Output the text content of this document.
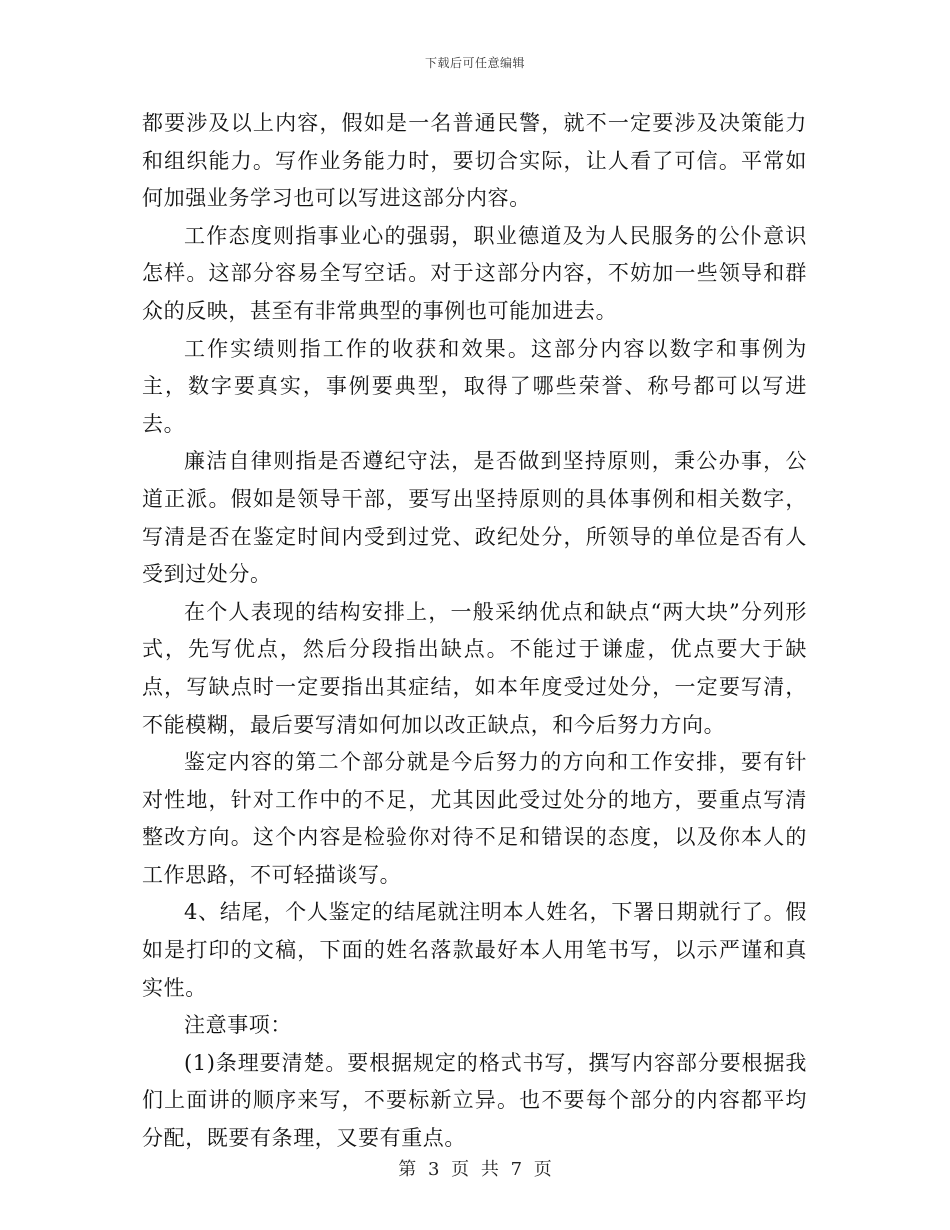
下载后可任意编辑

都要涉及以上内容，假如是一名普通民警，就不一定要涉及决策能力和组织能力。写作业务能力时，要切合实际，让人看了可信。平常如何加强业务学习也可以写进这部分内容。

工作态度则指事业心的强弱，职业德道及为人民服务的公仆意识怎样。这部分容易全写空话。对于这部分内容，不妨加一些领导和群众的反映，甚至有非常典型的事例也可能加进去。

工作实绩则指工作的收获和效果。这部分内容以数字和事例为主，数字要真实，事例要典型，取得了哪些荣誉、称号都可以写进去。

廉洁自律则指是否遵纪守法，是否做到坚持原则，秉公办事，公道正派。假如是领导干部，要写出坚持原则的具体事例和相关数字，写清是否在鉴定时间内受到过党、政纪处分，所领导的单位是否有人受到过处分。

在个人表现的结构安排上，一般采纳优点和缺点“两大块”分列形式，先写优点，然后分段指出缺点。不能过于谦虚，优点要大于缺点，写缺点时一定要指出其症结，如本年度受过处分，一定要写清，不能模糊，最后要写清如何加以改正缺点，和今后努力方向。

鉴定内容的第二个部分就是今后努力的方向和工作安排，要有针对性地，针对工作中的不足，尤其因此受过处分的地方，要重点写清整改方向。这个内容是检验你对待不足和错误的态度，以及你本人的工作思路，不可轻描谈写。

4、结尾，个人鉴定的结尾就注明本人姓名，下署日期就行了。假如是打印的文稿，下面的姓名落款最好本人用笔书写，以示严谨和真实性。

注意事项：

(1)条理要清楚。要根据规定的格式书写，撰写内容部分要根据我们上面讲的顺序来写，不要标新立异。也不要每个部分的内容都平均分配，既要有条理，又要有重点。

第 3 页 共 7 页
